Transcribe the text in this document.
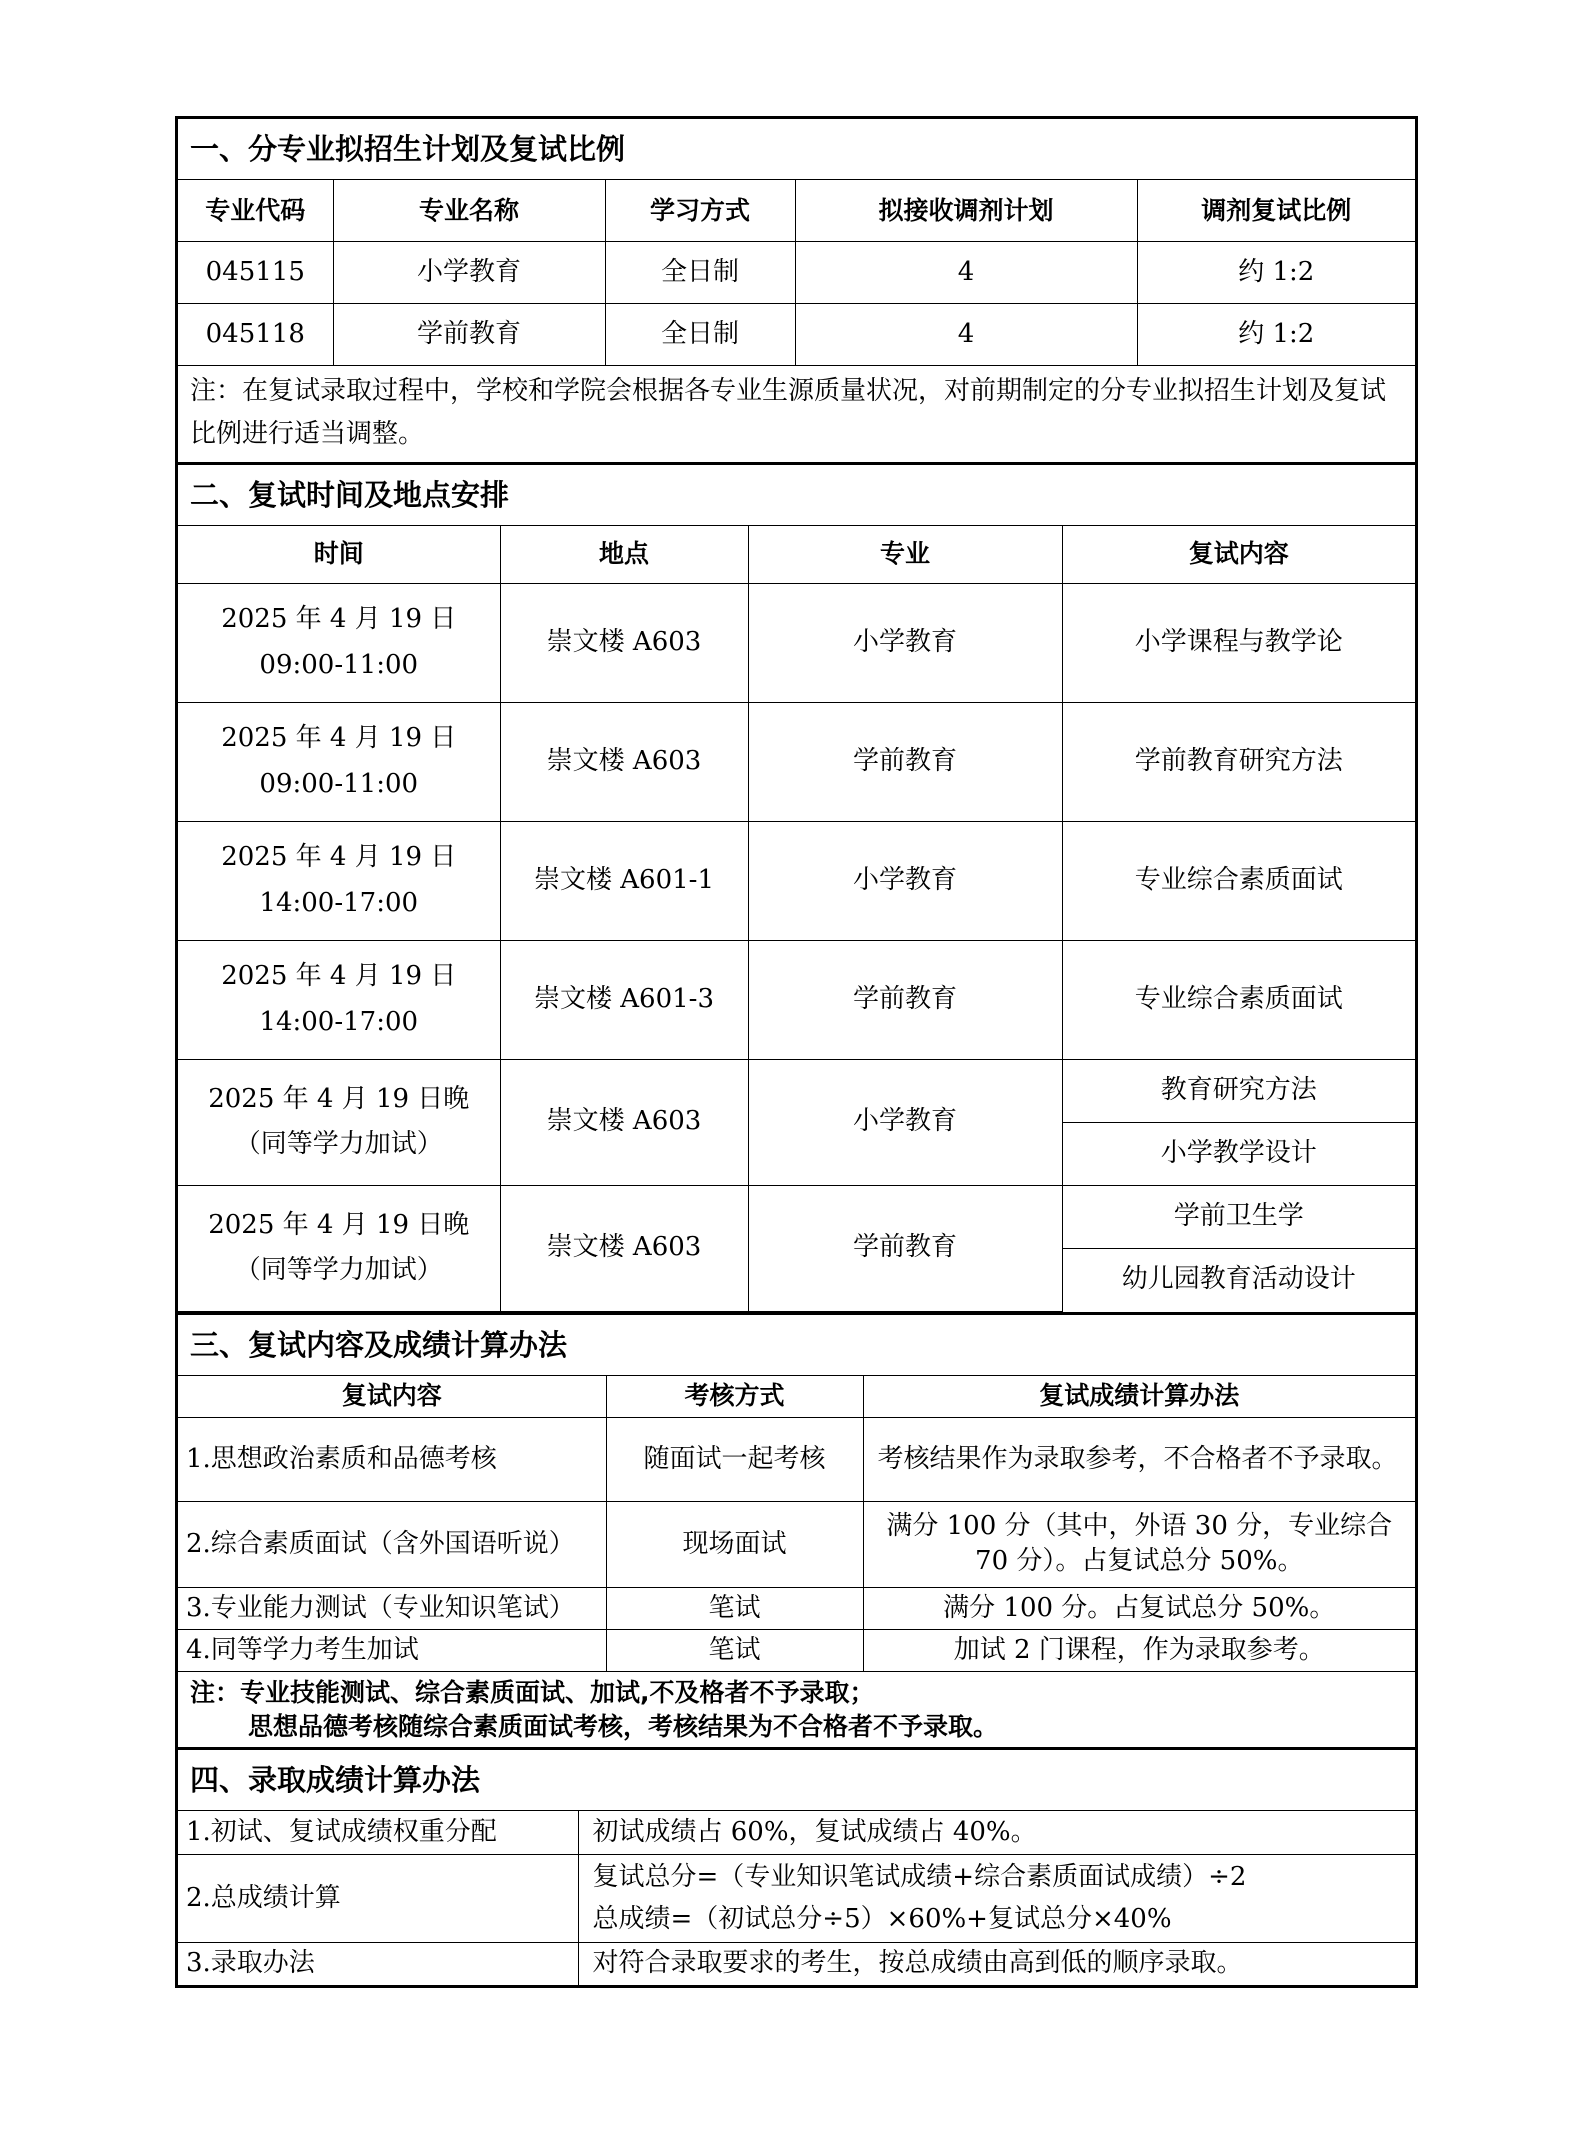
一、分专业拟招生计划及复试比例
专业代码	专业名称	学习方式	拟接收调剂计划	调剂复试比例
045115	小学教育	全日制	4	约 1:2
045118	学前教育	全日制	4	约 1:2
注：在复试录取过程中，学校和学院会根据各专业生源质量状况，对前期制定的分专业拟招生计划及复试比例进行适当调整。				
二、复试时间及地点安排
时间	地点	专业	复试内容
2025 年 4 月 19 日
09:00-11:00	崇文楼 A603	小学教育	小学课程与教学论
2025 年 4 月 19 日
09:00-11:00	崇文楼 A603	学前教育	学前教育研究方法
2025 年 4 月 19 日
14:00-17:00	崇文楼 A601-1	小学教育	专业综合素质面试
2025 年 4 月 19 日
14:00-17:00	崇文楼 A601-3	学前教育	专业综合素质面试
2025 年 4 月 19 日晚
（同等学力加试）	崇文楼 A603	小学教育	教育研究方法
			小学教学设计
2025 年 4 月 19 日晚
（同等学力加试）	崇文楼 A603	学前教育	学前卫生学
			幼儿园教育活动设计
三、复试内容及成绩计算办法
复试内容	考核方式	复试成绩计算办法
1.思想政治素质和品德考核	随面试一起考核	考核结果作为录取参考，不合格者不予录取。
2.综合素质面试（含外国语听说）	现场面试	满分 100 分（其中，外语 30 分，专业综合 70 分）。占复试总分 50%。
3.专业能力测试（专业知识笔试）	笔试	满分 100 分。占复试总分 50%。
4.同等学力考生加试	笔试	加试 2 门课程，作为录取参考。

注：专业技能测试、综合素质面试、加试,不及格者不予录取；
思想品德考核随综合素质面试考核，考核结果为不合格者不予录取。		
四、录取成绩计算办法
1.初试、复试成绩权重分配	初试成绩占 60%，复试成绩占 40%。
2.总成绩计算	复试总分=（专业知识笔试成绩+综合素质面试成绩）÷2
总成绩=（初试总分÷5）×60%+复试总分×40%

3.录取办法	对符合录取要求的考生，按总成绩由高到低的顺序录取。
